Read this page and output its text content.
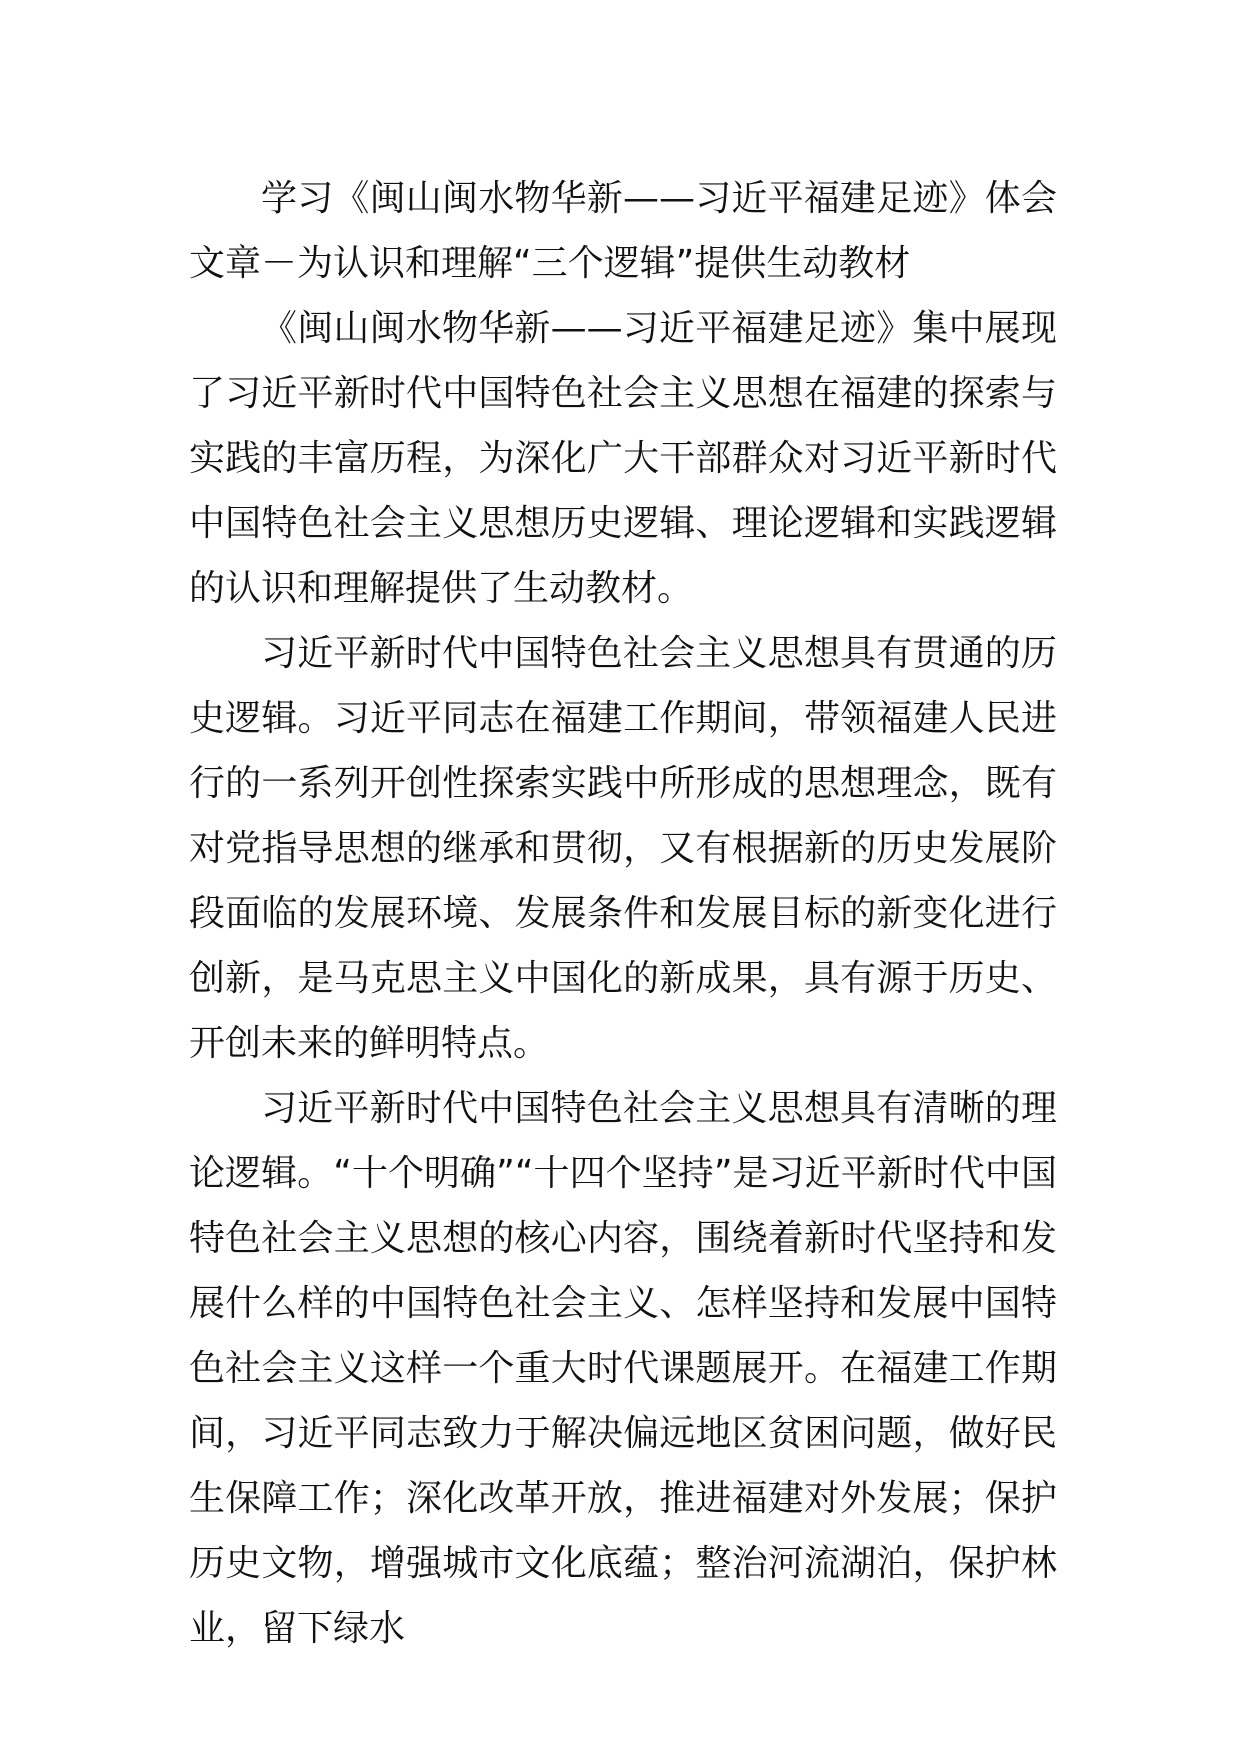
学习《闽山闽水物华新——习近平福建足迹》体会文章－为认识和理解“三个逻辑”提供生动教材

《闽山闽水物华新——习近平福建足迹》集中展现了习近平新时代中国特色社会主义思想在福建的探索与实践的丰富历程，为深化广大干部群众对习近平新时代中国特色社会主义思想历史逻辑、理论逻辑和实践逻辑的认识和理解提供了生动教材。

习近平新时代中国特色社会主义思想具有贯通的历史逻辑。习近平同志在福建工作期间，带领福建人民进行的一系列开创性探索实践中所形成的思想理念，既有对党指导思想的继承和贯彻，又有根据新的历史发展阶段面临的发展环境、发展条件和发展目标的新变化进行创新，是马克思主义中国化的新成果，具有源于历史、开创未来的鲜明特点。

习近平新时代中国特色社会主义思想具有清晰的理论逻辑。“十个明确”“十四个坚持”是习近平新时代中国特色社会主义思想的核心内容，围绕着新时代坚持和发展什么样的中国特色社会主义、怎样坚持和发展中国特色社会主义这样一个重大时代课题展开。在福建工作期间，习近平同志致力于解决偏远地区贫困问题，做好民生保障工作；深化改革开放，推进福建对外发展；保护历史文物，增强城市文化底蕴；整治河流湖泊，保护林业，留下绿水
